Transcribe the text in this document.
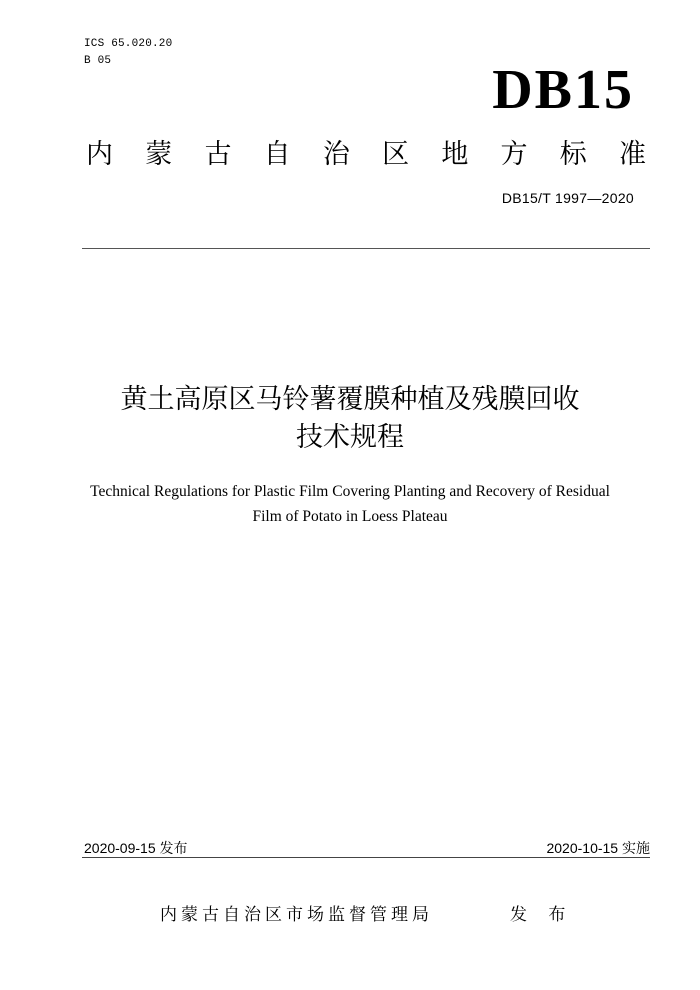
ICS 65.020.20
B 05	DB15
内 蒙 古 自 治 区 地 方 标 准
DB15/T 1997—2020
黄土高原区马铃薯覆膜种植及残膜回收
技术规程
Technical Regulations for Plastic Film Covering Planting and Recovery of Residual
Film of Potato in Loess Plateau
2020-09-15 发布	2020-10-15 实施
内蒙古自治区市场监督管理局	发 布
